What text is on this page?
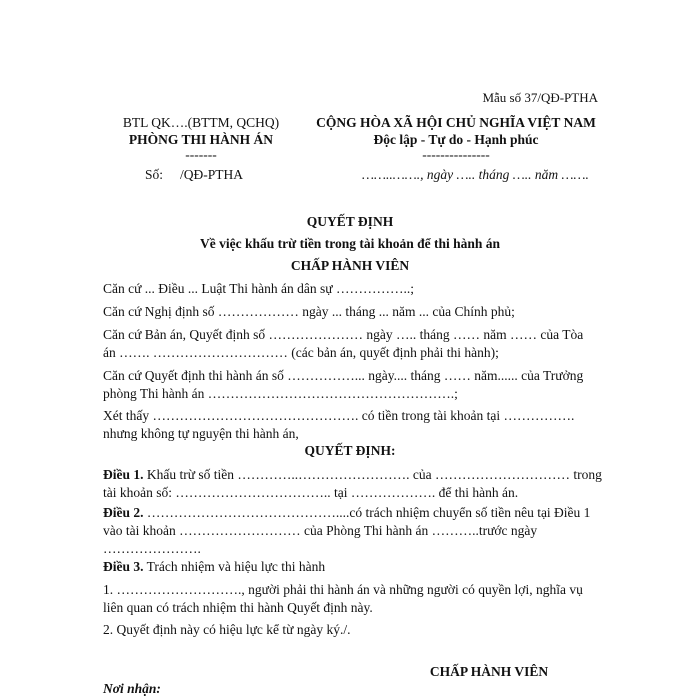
Mẫu số 37/QĐ-PTHA
BTL QK….(BTTM, QCHQ)
PHÒNG THI HÀNH ÁN
-------
CỘNG HÒA XÃ HỘI CHỦ NGHĨA VIỆT NAM
Độc lập - Tự do - Hạnh phúc
---------------
Số: /QĐ-PTHA	……..……., ngày ….. tháng ….. năm …….
QUYẾT ĐỊNH
Về việc khấu trừ tiền trong tài khoản để thi hành án
CHẤP HÀNH VIÊN
Căn cứ ... Điều ... Luật Thi hành án dân sự ……………..;
Căn cứ Nghị định số ……………… ngày ... tháng ... năm ... của Chính phủ;
Căn cứ Bản án, Quyết định số ………………… ngày ….. tháng …… năm …… của Tòa
án ……. ………………………… (các bản án, quyết định phải thi hành);
Căn cứ Quyết định thi hành án số ……………... ngày.... tháng …… năm...... của Trưởng
phòng Thi hành án ……………………………………………….;
Xét thấy ………………………………………. có tiền trong tài khoản tại …………….
nhưng không tự nguyện thi hành án,
QUYẾT ĐỊNH:
Điều 1. Khấu trừ số tiền …………..……………………. của ………………………… trong
tài khoản số: …………………………….. tại ………………. để thi hành án.
Điều 2. ……………………………………....có trách nhiệm chuyển số tiền nêu tại Điều 1
vào tài khoản ……………………… của Phòng Thi hành án ………..trước ngày
………………….
Điều 3. Trách nhiệm và hiệu lực thi hành
1. ………………………., người phải thi hành án và những người có quyền lợi, nghĩa vụ
liên quan có trách nhiệm thi hành Quyết định này.
2. Quyết định này có hiệu lực kể từ ngày ký./.
CHẤP HÀNH VIÊN
Nơi nhận:
